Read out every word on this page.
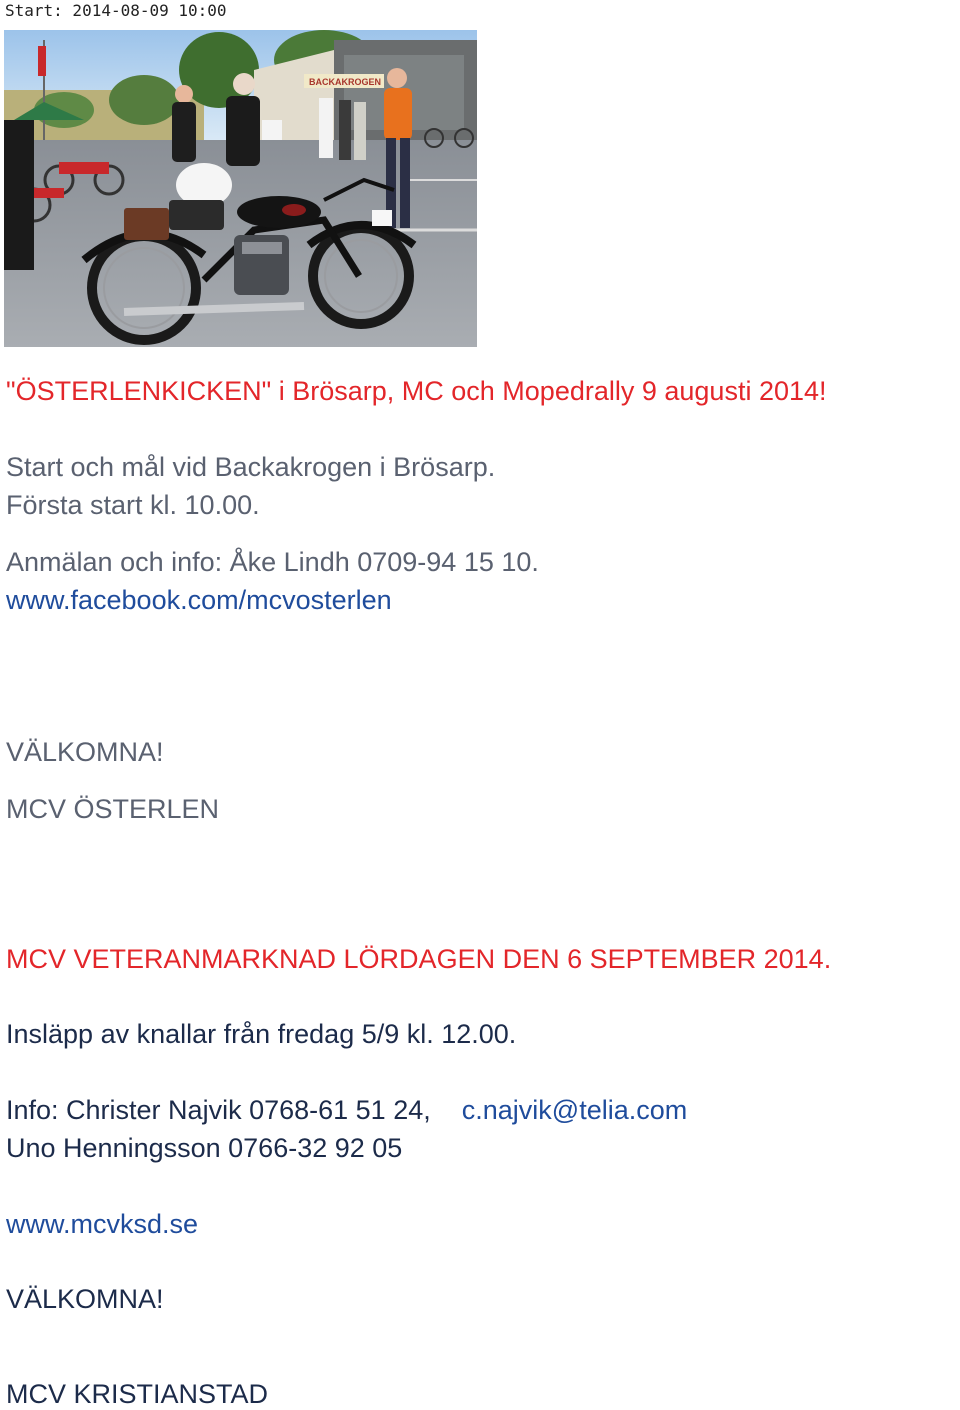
Start: 2014-08-09 10:00
BACKAKROGEN
"ÖSTERLENKICKEN" i Brösarp, MC och Mopedrally 9 augusti 2014!
Start och mål vid Backakrogen i Brösarp.
Första start kl. 10.00.
Anmälan och info: Åke Lindh 0709-94 15 10.
www.facebook.com/mcvosterlen
VÄLKOMNA!
MCV ÖSTERLEN
MCV VETERANMARKNAD LÖRDAGEN DEN 6 SEPTEMBER 2014.
Insläpp av knallar från fredag 5/9 kl. 12.00.
Info: Christer Najvik 0768-61 51 24, c.najvik@telia.com
Uno Henningsson 0766-32 92 05
www.mcvksd.se
VÄLKOMNA!
MCV KRISTIANSTAD
